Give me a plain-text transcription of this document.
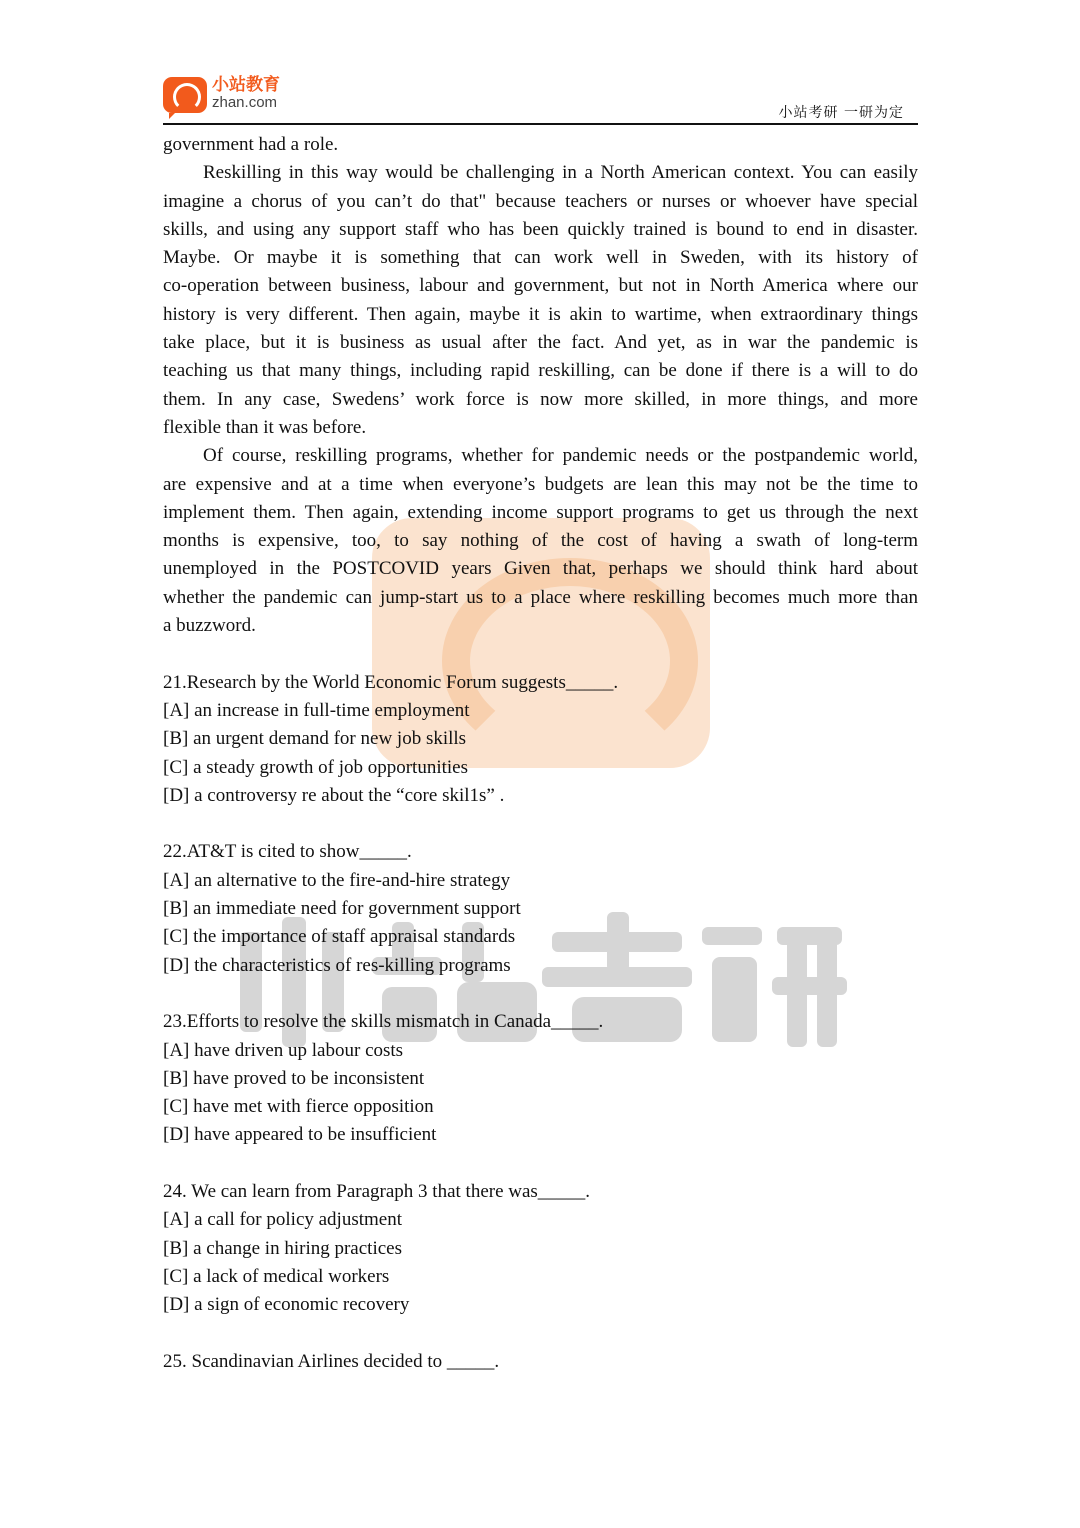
小站教育
zhan.com
小站考研 一研为定
government had a role.
Reskilling in this way would be challenging in a North American context. You can easily
imagine a chorus of you can’t do that" because teachers or nurses or whoever have special
skills, and using any support staff who has been quickly trained is bound to end in disaster.
Maybe. Or maybe it is something that can work well in Sweden, with its history of
co-operation between business, labour and government, but not in North America where our
history is very different. Then again, maybe it is akin to wartime, when extraordinary things
take place, but it is business as usual after the fact. And yet, as in war the pandemic is
teaching us that many things, including rapid reskilling, can be done if there is a will to do
them. In any case, Swedens’ work force is now more skilled, in more things, and more
flexible than it was before.
Of course, reskilling programs, whether for pandemic needs or the postpandemic world,
are expensive and at a time when everyone’s budgets are lean this may not be the time to
implement them. Then again, extending income support programs to get us through the next
months is expensive, too, to say nothing of the cost of having a swath of long-term
unemployed in the POSTCOVID years Given that, perhaps we should think hard about
whether the pandemic can jump-start us to a place where reskilling becomes much more than
a buzzword.
21.Research by the World Economic Forum suggests_____.
[A] an increase in full-time employment
[B] an urgent demand for new job skills
[C] a steady growth of job opportunities
[D] a controversy re about the “core skil1s” .
22.AT&T is cited to show_____.
[A] an alternative to the fire-and-hire strategy
[B] an immediate need for government support
[C] the importance of staff appraisal standards
[D] the characteristics of res-killing programs
23.Efforts to resolve the skills mismatch in Canada_____.
[A] have driven up labour costs
[B] have proved to be inconsistent
[C] have met with fierce opposition
[D] have appeared to be insufficient
24. We can learn from Paragraph 3 that there was_____.
[A] a call for policy adjustment
[B] a change in hiring practices
[C] a lack of medical workers
[D] a sign of economic recovery
25. Scandinavian Airlines decided to _____.
